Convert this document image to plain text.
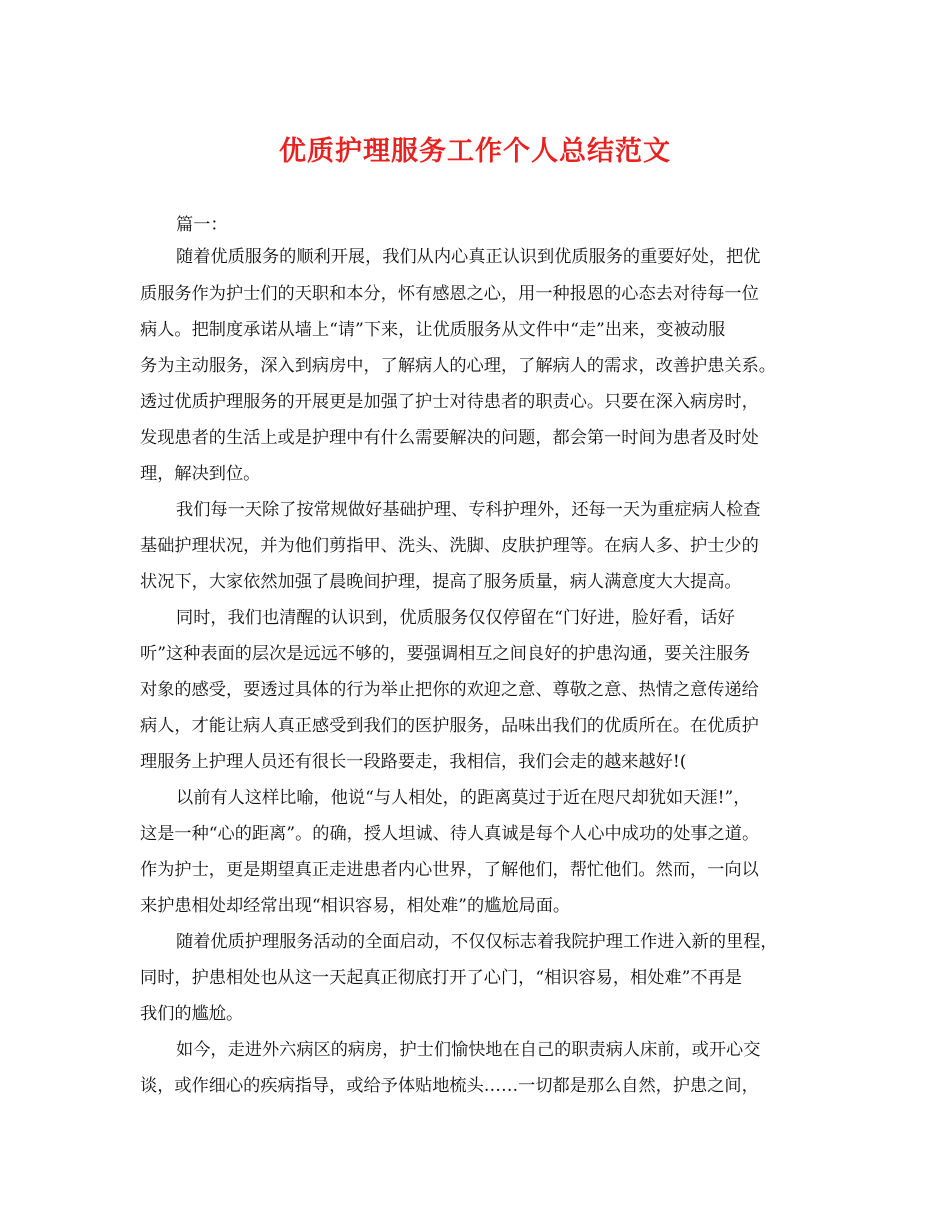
优质护理服务工作个人总结范文
篇一：
随着优质服务的顺利开展，我们从内心真正认识到优质服务的重要好处，把优
质服务作为护士们的天职和本分，怀有感恩之心，用一种报恩的心态去对待每一位
病人。把制度承诺从墙上“请”下来，让优质服务从文件中“走”出来，变被动服
务为主动服务，深入到病房中，了解病人的心理，了解病人的需求，改善护患关系。
透过优质护理服务的开展更是加强了护士对待患者的职责心。只要在深入病房时，
发现患者的生活上或是护理中有什么需要解决的问题，都会第一时间为患者及时处
理，解决到位。
我们每一天除了按常规做好基础护理、专科护理外，还每一天为重症病人检查
基础护理状况，并为他们剪指甲、洗头、洗脚、皮肤护理等。在病人多、护士少的
状况下，大家依然加强了晨晚间护理，提高了服务质量，病人满意度大大提高。
同时，我们也清醒的认识到，优质服务仅仅停留在“门好进，脸好看，话好
听”这种表面的层次是远远不够的，要强调相互之间良好的护患沟通，要关注服务
对象的感受，要透过具体的行为举止把你的欢迎之意、尊敬之意、热情之意传递给
病人，才能让病人真正感受到我们的医护服务，品味出我们的优质所在。在优质护
理服务上护理人员还有很长一段路要走，我相信，我们会走的越来越好!(
以前有人这样比喻，他说“与人相处，的距离莫过于近在咫尺却犹如天涯!”，
这是一种“心的距离”。的确，授人坦诚、待人真诚是每个人心中成功的处事之道。
作为护士，更是期望真正走进患者内心世界，了解他们，帮忙他们。然而，一向以
来护患相处却经常出现“相识容易，相处难”的尴尬局面。
随着优质护理服务活动的全面启动，不仅仅标志着我院护理工作进入新的里程，
同时，护患相处也从这一天起真正彻底打开了心门，“相识容易，相处难”不再是
我们的尴尬。
如今，走进外六病区的病房，护士们愉快地在自己的职责病人床前，或开心交
谈，或作细心的疾病指导，或给予体贴地梳头……一切都是那么自然，护患之间，
